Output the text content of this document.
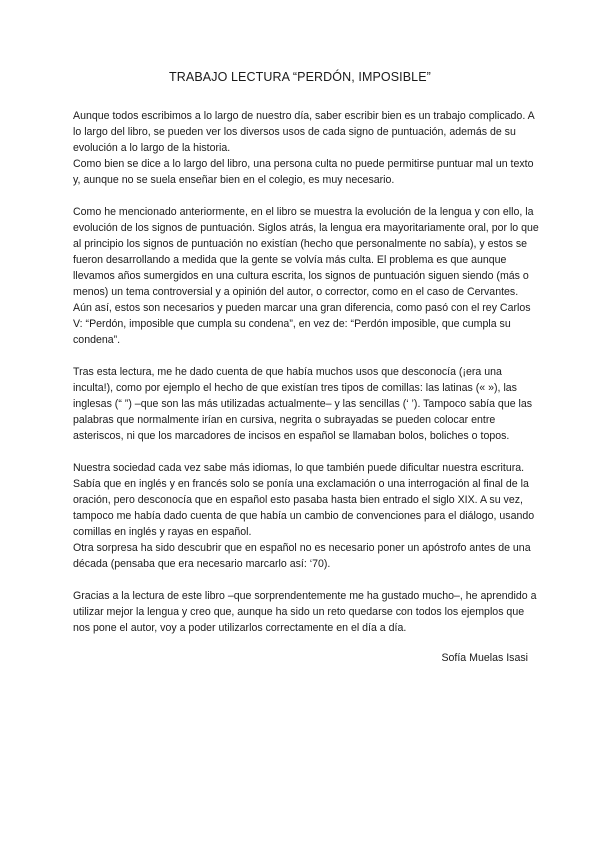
TRABAJO LECTURA “PERDÓN, IMPOSIBLE”

Aunque todos escribimos a lo largo de nuestro día, saber escribir bien es un trabajo complicado. A lo largo del libro, se pueden ver los diversos usos de cada signo de puntuación, además de su evolución a lo largo de la historia.

Como bien se dice a lo largo del libro, una persona culta no puede permitirse puntuar mal un texto y, aunque no se suela enseñar bien en el colegio, es muy necesario.

Como he mencionado anteriormente, en el libro se muestra la evolución de la lengua y con ello, la evolución de los signos de puntuación. Siglos atrás, la lengua era mayoritariamente oral, por lo que al principio los signos de puntuación no existían (hecho que personalmente no sabía), y estos se fueron desarrollando a medida que la gente se volvía más culta. El problema es que aunque llevamos años sumergidos en una cultura escrita, los signos de puntuación siguen siendo (más o menos) un tema controversial y a opinión del autor, o corrector, como en el caso de Cervantes.

Aún así, estos son necesarios y pueden marcar una gran diferencia, como pasó con el rey Carlos V: “Perdón, imposible que cumpla su condena”, en vez de: “Perdón imposible, que cumpla su condena”.

Tras esta lectura, me he dado cuenta de que había muchos usos que desconocía (¡era una inculta!), como por ejemplo el hecho de que existían tres tipos de comillas: las latinas (« »), las inglesas (“ ”) –que son las más utilizadas actualmente– y las sencillas (‘ ’). Tampoco sabía que las palabras que normalmente irían en cursiva, negrita o subrayadas se pueden colocar entre asteriscos, ni que los marcadores de incisos en español se llamaban bolos, boliches o topos.

Nuestra sociedad cada vez sabe más idiomas, lo que también puede dificultar nuestra escritura. Sabía que en inglés y en francés solo se ponía una exclamación o una interrogación al final de la oración, pero desconocía que en español esto pasaba hasta bien entrado el siglo XIX. A su vez, tampoco me había dado cuenta de que había un cambio de convenciones para el diálogo, usando comillas en inglés y rayas en español.

Otra sorpresa ha sido descubrir que en español no es necesario poner un apóstrofo antes de una década (pensaba que era necesario marcarlo así: ‘70).

Gracias a la lectura de este libro –que sorprendentemente me ha gustado mucho–, he aprendido a utilizar mejor la lengua y creo que, aunque ha sido un reto quedarse con todos los ejemplos que nos pone el autor, voy a poder utilizarlos correctamente en el día a día.

Sofía Muelas Isasi
